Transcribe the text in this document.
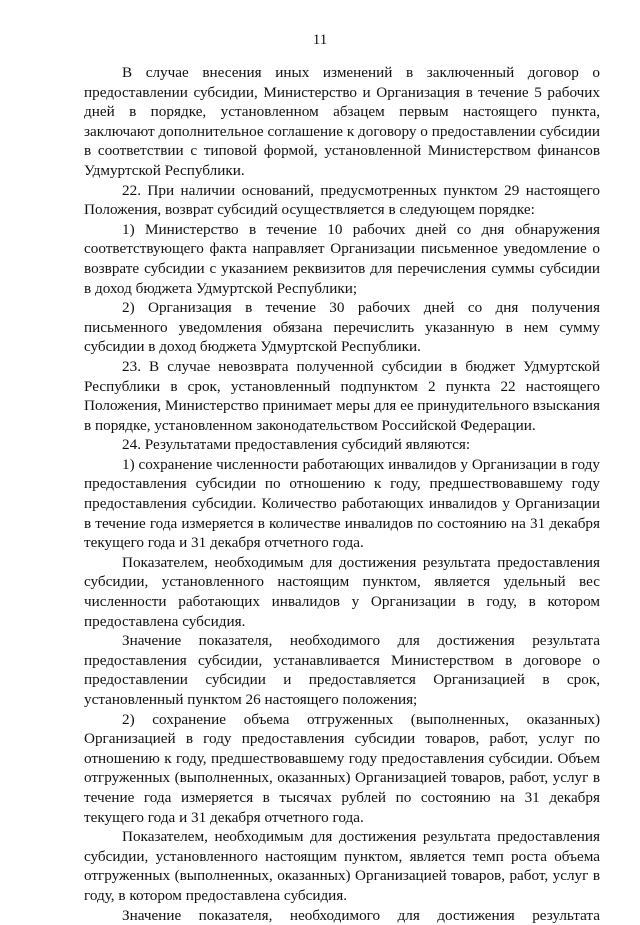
11

В случае внесения иных изменений в заключенный договор о предоставлении субсидии, Министерство и Организация в течение 5 рабочих дней в порядке, установленном абзацем первым настоящего пункта, заключают дополнительное соглашение к договору о предоставлении субсидии в соответствии с типовой формой, установленной Министерством финансов Удмуртской Республики.

22. При наличии оснований, предусмотренных пунктом 29 настоящего Положения, возврат субсидий осуществляется в следующем порядке:

1) Министерство в течение 10 рабочих дней со дня обнаружения соответствующего факта направляет Организации письменное уведомление о возврате субсидии с указанием реквизитов для перечисления суммы субсидии в доход бюджета Удмуртской Республики;

2) Организация в течение 30 рабочих дней со дня получения письменного уведомления обязана перечислить указанную в нем сумму субсидии в доход бюджета Удмуртской Республики.

23. В случае невозврата полученной субсидии в бюджет Удмуртской Республики в срок, установленный подпунктом 2 пункта 22 настоящего Положения, Министерство принимает меры для ее принудительного взыскания в порядке, установленном законодательством Российской Федерации.

24. Результатами предоставления субсидий являются:

1) сохранение численности работающих инвалидов у Организации в году предоставления субсидии по отношению к году, предшествовавшему году предоставления субсидии. Количество работающих инвалидов у Организации в течение года измеряется в количестве инвалидов по состоянию на 31 декабря текущего года и 31 декабря отчетного года.

Показателем, необходимым для достижения результата предоставления субсидии, установленного настоящим пунктом, является удельный вес численности работающих инвалидов у Организации в году, в котором предоставлена субсидия.

Значение показателя, необходимого для достижения результата предоставления субсидии, устанавливается Министерством в договоре о предоставлении субсидии и предоставляется Организацией в срок, установленный пунктом 26 настоящего положения;

2) сохранение объема отгруженных (выполненных, оказанных) Организацией в году предоставления субсидии товаров, работ, услуг по отношению к году, предшествовавшему году предоставления субсидии. Объем отгруженных (выполненных, оказанных) Организацией товаров, работ, услуг в течение года измеряется в тысячах рублей по состоянию на 31 декабря текущего года и 31 декабря отчетного года.

Показателем, необходимым для достижения результата предоставления субсидии, установленного настоящим пунктом, является темп роста объема отгруженных (выполненных, оказанных) Организацией товаров, работ, услуг в году, в котором предоставлена субсидия.

Значение показателя, необходимого для достижения результата
